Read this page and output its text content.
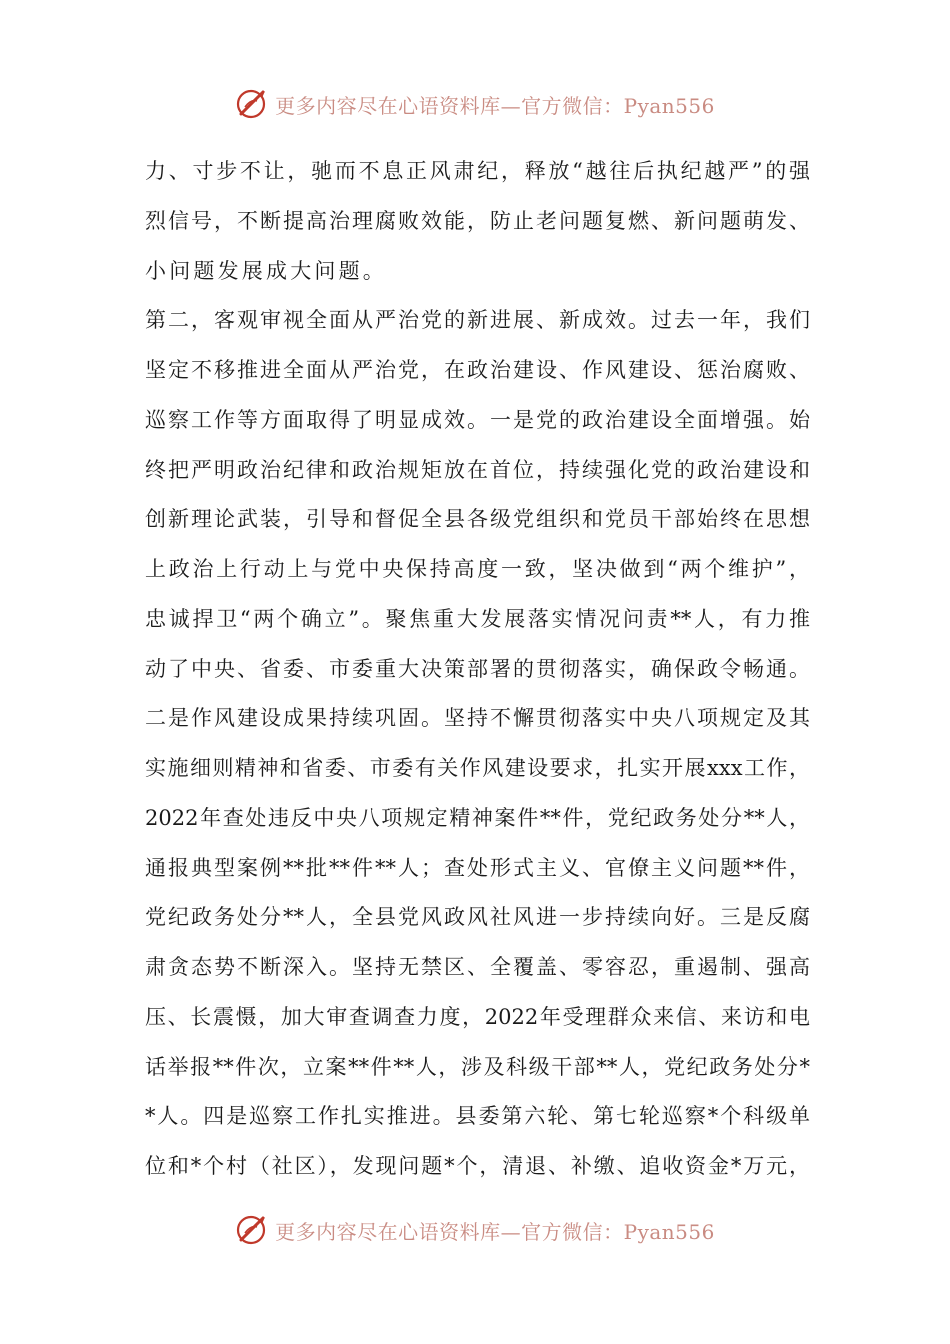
更多内容尽在心语资料库—官方微信：Pyan556
力、寸步不让，驰而不息正风肃纪，释放“越往后执纪越严”的强
烈信号，不断提高治理腐败效能，防止老问题复燃、新问题萌发、
小问题发展成大问题。
第二，客观审视全面从严治党的新进展、新成效。过去一年，我们
坚定不移推进全面从严治党，在政治建设、作风建设、惩治腐败、
巡察工作等方面取得了明显成效。一是党的政治建设全面增强。始
终把严明政治纪律和政治规矩放在首位，持续强化党的政治建设和
创新理论武装，引导和督促全县各级党组织和党员干部始终在思想
上政治上行动上与党中央保持高度一致，坚决做到“两个维护”，
忠诚捍卫“两个确立”。聚焦重大发展落实情况问责**人，有力推
动了中央、省委、市委重大决策部署的贯彻落实，确保政令畅通。
二是作风建设成果持续巩固。坚持不懈贯彻落实中央八项规定及其
实施细则精神和省委、市委有关作风建设要求，扎实开展xxx工作，
2022年查处违反中央八项规定精神案件**件，党纪政务处分**人，
通报典型案例**批**件**人；查处形式主义、官僚主义问题**件，
党纪政务处分**人，全县党风政风社风进一步持续向好。三是反腐
肃贪态势不断深入。坚持无禁区、全覆盖、零容忍，重遏制、强高
压、长震慑，加大审查调查力度，2022年受理群众来信、来访和电
话举报**件次，立案**件**人，涉及科级干部**人，党纪政务处分*
*人。四是巡察工作扎实推进。县委第六轮、第七轮巡察*个科级单
位和*个村（社区），发现问题*个，清退、补缴、追收资金*万元，
更多内容尽在心语资料库—官方微信：Pyan556
